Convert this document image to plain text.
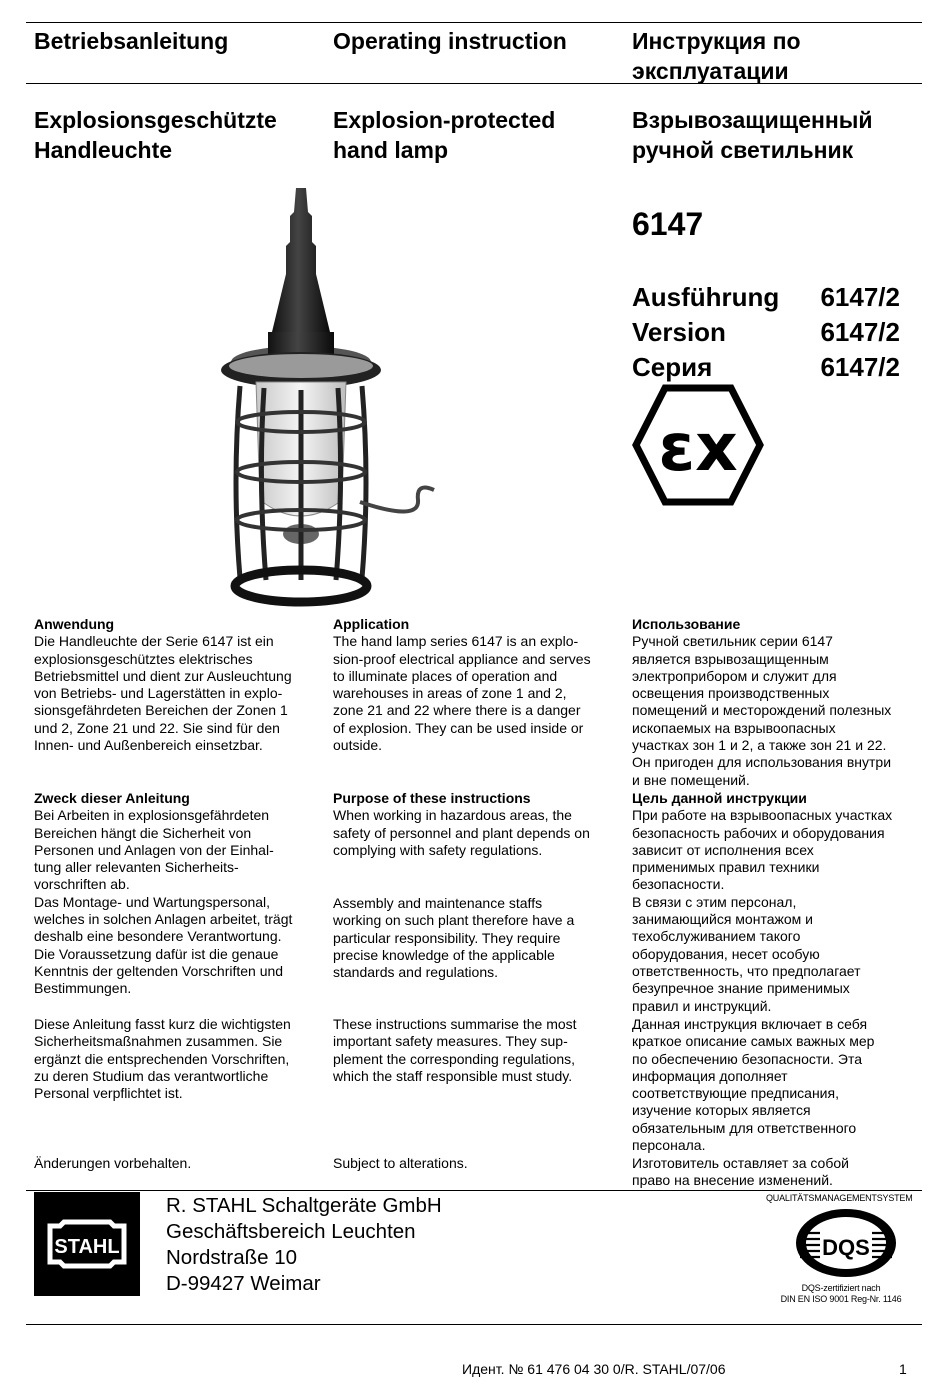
Betriebsanleitung	Operating instruction	Инструкция по
эксплуатации
Explosionsgeschützte
Handleuchte
Explosion-protected
hand lamp
Взрывозащищенный
ручной светильник
6147
Ausführung 6147/2
Version	6147/2
Серия	6147/2
εx
Anwendung
Die Handleuchte der Serie 6147 ist ein
explosionsgeschütztes elektrisches
Betriebsmittel und dient zur Ausleuchtung
von Betriebs- und Lagerstätten in explo-
sionsgefährdeten Bereichen der Zonen 1
und 2, Zone 21 und 22. Sie sind für den
Innen- und Außenbereich einsetzbar.
Application
The hand lamp series 6147 is an explo-
sion-proof electrical appliance and serves
to illuminate places of operation and
warehouses in areas of zone 1 and 2,
zone 21 and 22 where there is a danger
of explosion. They can be used inside or
outside.
Использование
Ручной светильник серии 6147
является взрывозащищенным
электроприбором и служит для
освещения производственных
помещений и месторождений полезных
ископаемых на взрывоопасных
участках зон 1 и 2, а также зон 21 и 22.
Он пригоден для использования внутри
и вне помещений.
Zweck dieser Anleitung
Bei Arbeiten in explosionsgefährdeten
Bereichen hängt die Sicherheit von
Personen und Anlagen von der Einhal-
tung aller relevanten Sicherheits-
vorschriften ab.
Das Montage- und Wartungspersonal,
welches in solchen Anlagen arbeitet, trägt
deshalb eine besondere Verantwortung.
Die Voraussetzung dafür ist die genaue
Kenntnis der geltenden Vorschriften und
Bestimmungen.
Purpose of these instructions
When working in hazardous areas, the
safety of personnel and plant depends on
complying with safety regulations.
Цель данной инструкции
При работе на взрывоопасных участках
безопасность рабочих и оборудования
зависит от исполнения всех
применимых правил техники
безопасности.
В связи с этим персонал,
занимающийся монтажом и
техобслуживанием такого
оборудования, несет особую
ответственность, что предполагает
безупречное знание применимых
правил и инструкций.
Assembly and maintenance staffs
working on such plant therefore have a
particular responsibility. They require
precise knowledge of the applicable
standards and regulations.
Diese Anleitung fasst kurz die wichtigsten
Sicherheitsmaßnahmen zusammen. Sie
ergänzt die entsprechenden Vorschriften,
zu deren Studium das verantwortliche
Personal verpflichtet ist.
These instructions summarise the most
important safety measures. They sup-
plement the corresponding regulations,
which the staff responsible must study.
Данная инструкция включает в себя
краткое описание самых важных мер
по обеспечению безопасности. Эта
информация дополняет
соответствующие предписания,
изучение которых является
обязательным для ответственного
персонала.
Änderungen vorbehalten.	Subject to alterations.	Изготовитель оставляет за собой
право на внесение изменений.
STAHL
R. STAHL Schaltgeräte GmbH
Geschäftsbereich Leuchten
Nordstraße 10
D-99427 Weimar
QUALITÄTSMANAGEMENTSYSTEM
DQS
DQS-zertifiziert nach
DIN EN ISO 9001 Reg-Nr. 1146
Идент. № 61 476 04 30 0/R. STAHL/07/06	1
